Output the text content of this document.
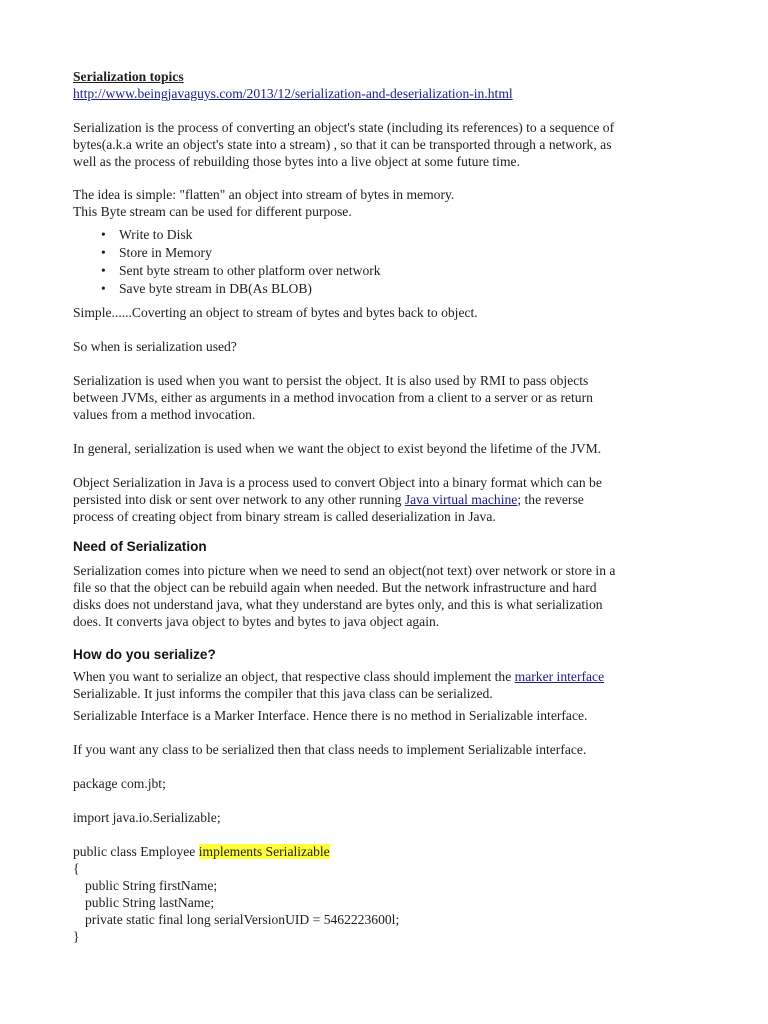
Serialization topics
http://www.beingjavaguys.com/2013/12/serialization-and-deserialization-in.html
Serialization is the process of converting an object's state (including its references) to a sequence of
bytes(a.k.a write an object's state into a stream) , so that it can be transported through a network, as
well as the process of rebuilding those bytes into a live object at some future time.
The idea is simple: "flatten" an object into stream of bytes in memory.
This Byte stream can be used for different purpose.
• Write to Disk
• Store in Memory
• Sent byte stream to other platform over network
• Save byte stream in DB(As BLOB)
Simple......Coverting an object to stream of bytes and bytes back to object.
So when is serialization used?
Serialization is used when you want to persist the object. It is also used by RMI to pass objects
between JVMs, either as arguments in a method invocation from a client to a server or as return
values from a method invocation.
In general, serialization is used when we want the object to exist beyond the lifetime of the JVM.
Object Serialization in Java is a process used to convert Object into a binary format which can be
persisted into disk or sent over network to any other running Java virtual machine; the reverse
process of creating object from binary stream is called deserialization in Java.
Need of Serialization
Serialization comes into picture when we need to send an object(not text) over network or store in a
file so that the object can be rebuild again when needed. But the network infrastructure and hard
disks does not understand java, what they understand are bytes only, and this is what serialization
does. It converts java object to bytes and bytes to java object again.
How do you serialize?
When you want to serialize an object, that respective class should implement the marker interface
Serializable. It just informs the compiler that this java class can be serialized.
Serializable Interface is a Marker Interface. Hence there is no method in Serializable interface.
If you want any class to be serialized then that class needs to implement Serializable interface.
package com.jbt;
import java.io.Serializable;
public class Employee implements Serializable
{
public String firstName;
public String lastName;
private static final long serialVersionUID = 5462223600l;
}
